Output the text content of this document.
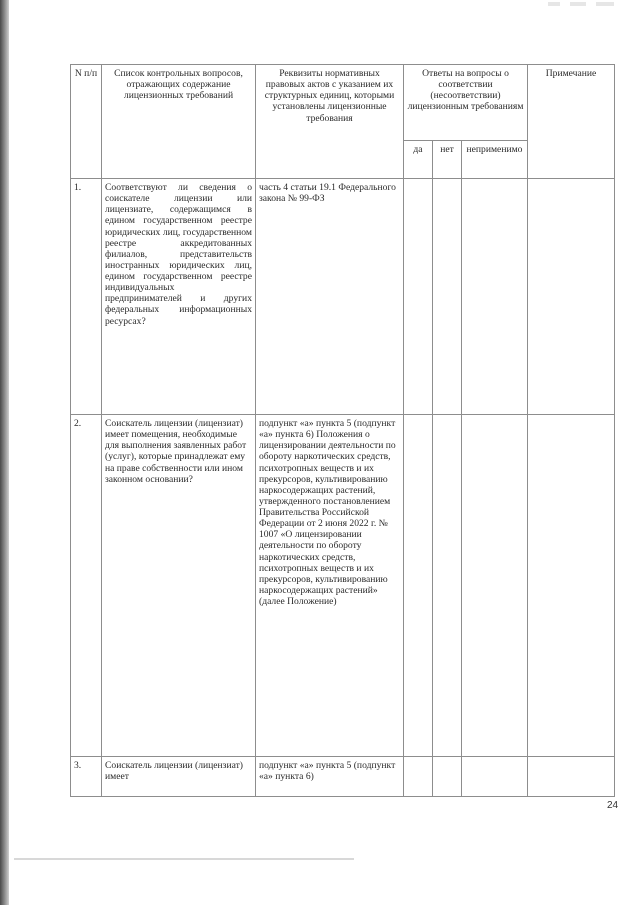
N п/п	Список контрольных вопросов, отражающих содержание лицензионных требований	Реквизиты нормативных правовых актов с указанием их структурных единиц, которыми установлены лицензионные требования	Ответы на вопросы о соответствии (несоответствии) лицензионным требованиям			Примечание
			да	нет	неприменимо	
1.	Соответствуют ли сведения о соискателе лицензии или лицензиате, содержащимся в едином государственном реестре юридических лиц, государственном реестре аккредитованных филиалов, представительств иностранных юридических лиц, едином государственном реестре индивидуальных предпринимателей и других федеральных информационных ресурсах?	часть 4 статьи 19.1 Федерального закона № 99-ФЗ				
2.	Соискатель лицензии (лицензиат) имеет помещения, необходимые для выполнения заявленных работ (услуг), которые принадлежат ему на праве собственности или ином законном основании?	подпункт «а» пункта 5 (подпункт «а» пункта 6) Положения о лицензировании деятельности по обороту наркотических средств, психотропных веществ и их прекурсоров, культивированию наркосодержащих растений, утвержденного постановлением Правительства Российской Федерации от 2 июня 2022 г. № 1007 «О лицензировании деятельности по обороту наркотических средств, психотропных веществ и их прекурсоров, культивированию наркосодержащих растений» (далее Положение)				
3.	Соискатель лицензии (лицензиат) имеет	подпункт «а» пункта 5 (подпункт «а» пункта 6)				
24
